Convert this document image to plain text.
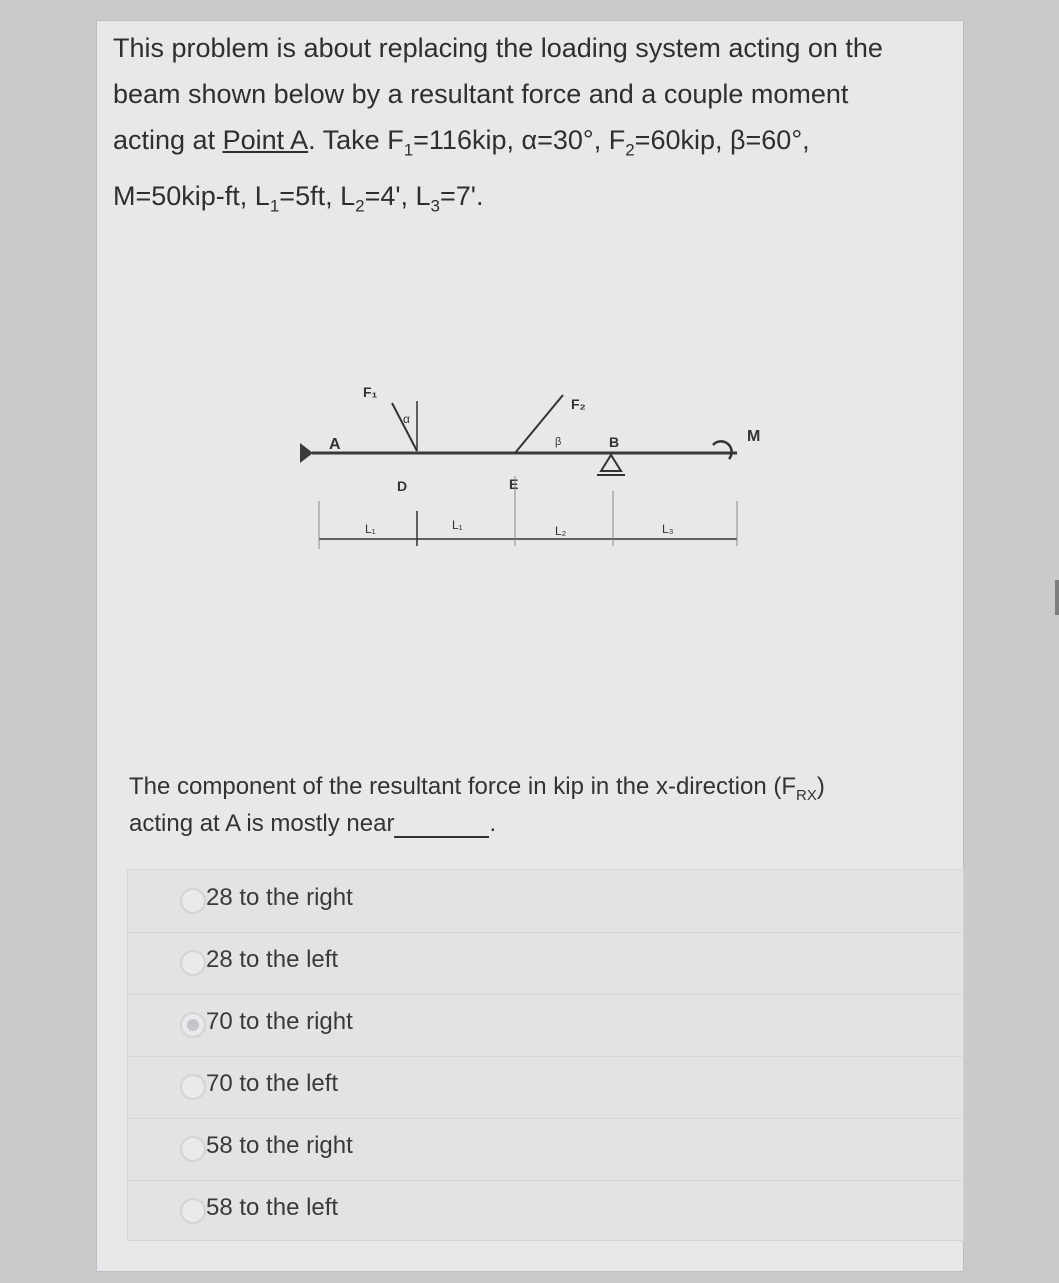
This problem is about replacing the loading system acting on the
beam shown below by a resultant force and a couple moment
acting at Point A. Take $F_1=116kip$, α=30°, $F_2=60kip$, β=60°,
M=50kip-ft, $L_1=5ft$, $L_2=4'$, $L_3=7'$.
A
F₁
α
D
F₂
β
E
B	M
L₁	L₁	L₂	L₃
The component of the resultant force in kip in the x-direction $(F_{RX})$
acting at A is mostly near	.
28 to the right
28 to the left
70 to the right
70 to the left
58 to the right
58 to the left
